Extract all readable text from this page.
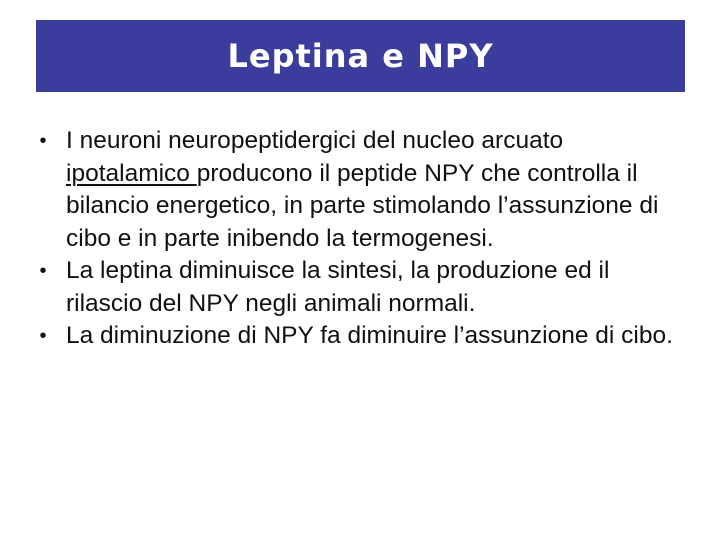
Leptina e NPY
• I neuroni neuropeptidergici del nucleo arcuato ipotalamico producono il peptide NPY che controlla il bilancio energetico, in parte stimolando l’assunzione di cibo e in parte inibendo la termogenesi.
• La leptina diminuisce la sintesi, la produzione ed il rilascio del NPY negli animali normali.
• La diminuzione di NPY fa diminuire l’assunzione di cibo.
